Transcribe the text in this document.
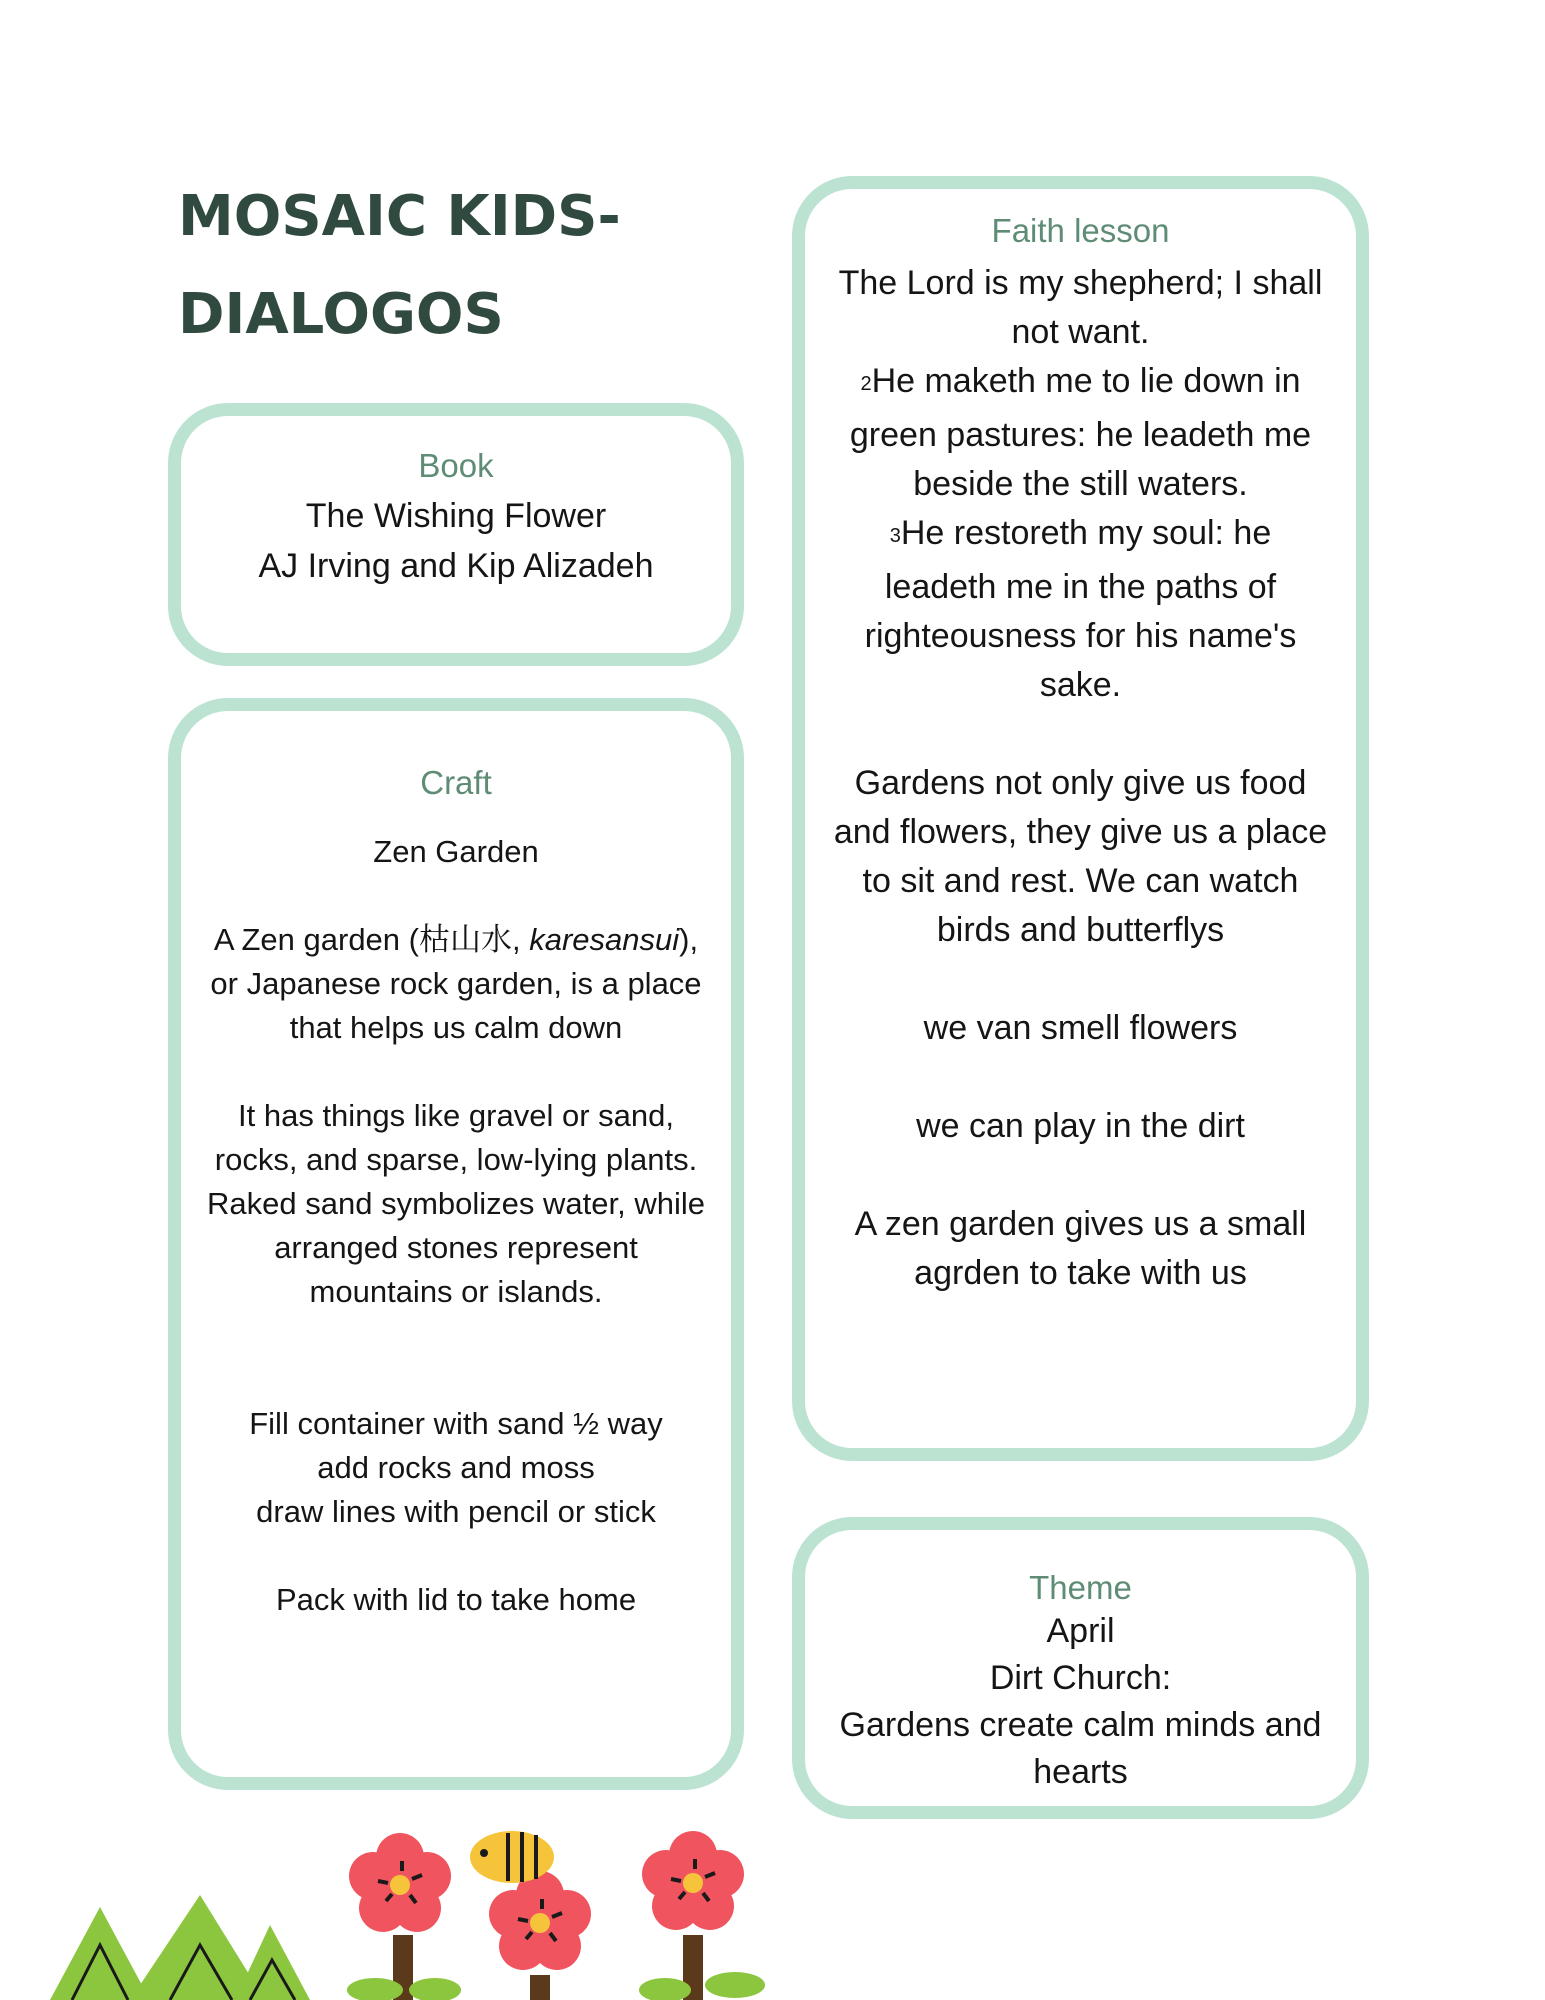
MOSAIC KIDS-
DIALOGOS
Book
The Wishing Flower
AJ Irving and Kip Alizadeh
Craft
Zen Garden
A Zen garden (枯山水, karesansui),
or Japanese rock garden, is a place
that helps us calm down
It has things like gravel or sand,
rocks, and sparse, low-lying plants.
Raked sand symbolizes water, while
arranged stones represent
mountains or islands.
Fill container with sand ½ way
add rocks and moss
draw lines with pencil or stick
Pack with lid to take home
Faith lesson
The Lord is my shepherd; I shall
not want.
$^2$He maketh me to lie down in
green pastures: he leadeth me
beside the still waters.
$^3$He restoreth my soul: he
leadeth me in the paths of
righteousness for his name's
sake.
Gardens not only give us food
and flowers, they give us a place
to sit and rest. We can watch
birds and butterflys
we van smell flowers
we can play in the dirt
A zen garden gives us a small
agrden to take with us
Theme
April
Dirt Church:
Gardens create calm minds and
hearts
